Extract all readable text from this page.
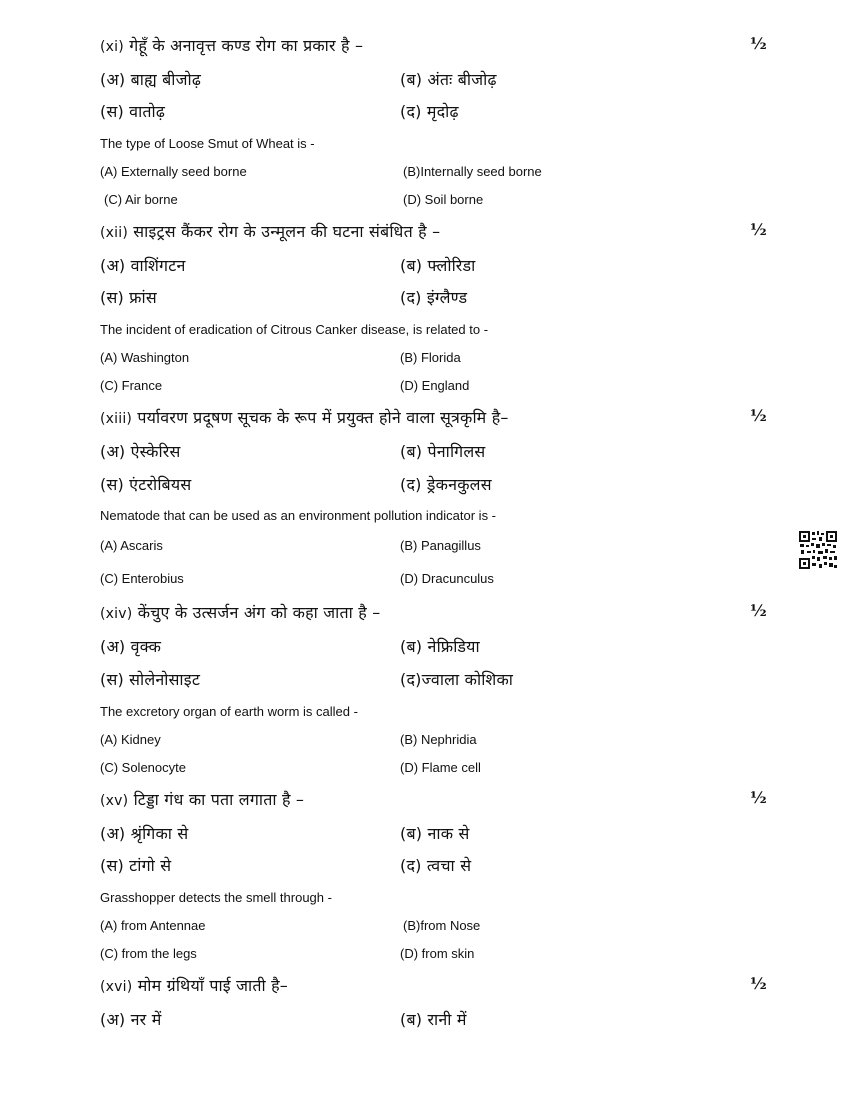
(xi) गेहूँ के अनावृत्त कण्ड रोग का प्रकार है –	½
(अ) बाह्य बीजोढ़	(ब) अंतः बीजोढ़
(स) वातोढ़	(द) मृदोढ़
The type of Loose Smut of Wheat is -
(A) Externally seed borne	(B)Internally seed borne
(C) Air borne	(D) Soil borne
(xii) साइट्रस कैंकर रोग के उन्मूलन की घटना संबंधित है –	½
(अ) वाशिंगटन	(ब) फ्लोरिडा
(स) फ्रांस	(द) इंग्लैण्ड
The incident of eradication of Citrous Canker disease, is related to -
(A) Washington	(B) Florida
(C) France	(D) England
(xiii) पर्यावरण प्रदूषण सूचक के रूप में प्रयुक्त होने वाला सूत्रकृमि है–	½
(अ) ऐस्केरिस	(ब) पेनागिलस
(स) एंटरोबियस	(द) ड्रेकनकुलस
Nematode that can be used as an environment pollution indicator is -
(A) Ascaris	(B) Panagillus
(C) Enterobius	(D) Dracunculus
(xiv) केंचुए के उत्सर्जन अंग को कहा जाता है –	½
(अ) वृक्क	(ब) नेफ्रिडिया
(स) सोलेनोसाइट	(द)ज्वाला कोशिका
The excretory organ of earth worm is called -
(A) Kidney	(B) Nephridia
(C) Solenocyte	(D) Flame cell
(xv) टिड्डा गंध का पता लगाता है –	½
(अ) श्रृंगिका से	(ब) नाक से
(स) टांगो से	(द) त्वचा से
Grasshopper detects the smell through -
(A) from Antennae	(B)from Nose
(C) from the legs	(D) from skin
(xvi) मोम ग्रंथियाँ पाई जाती है–	½
(अ) नर में	(ब) रानी में
